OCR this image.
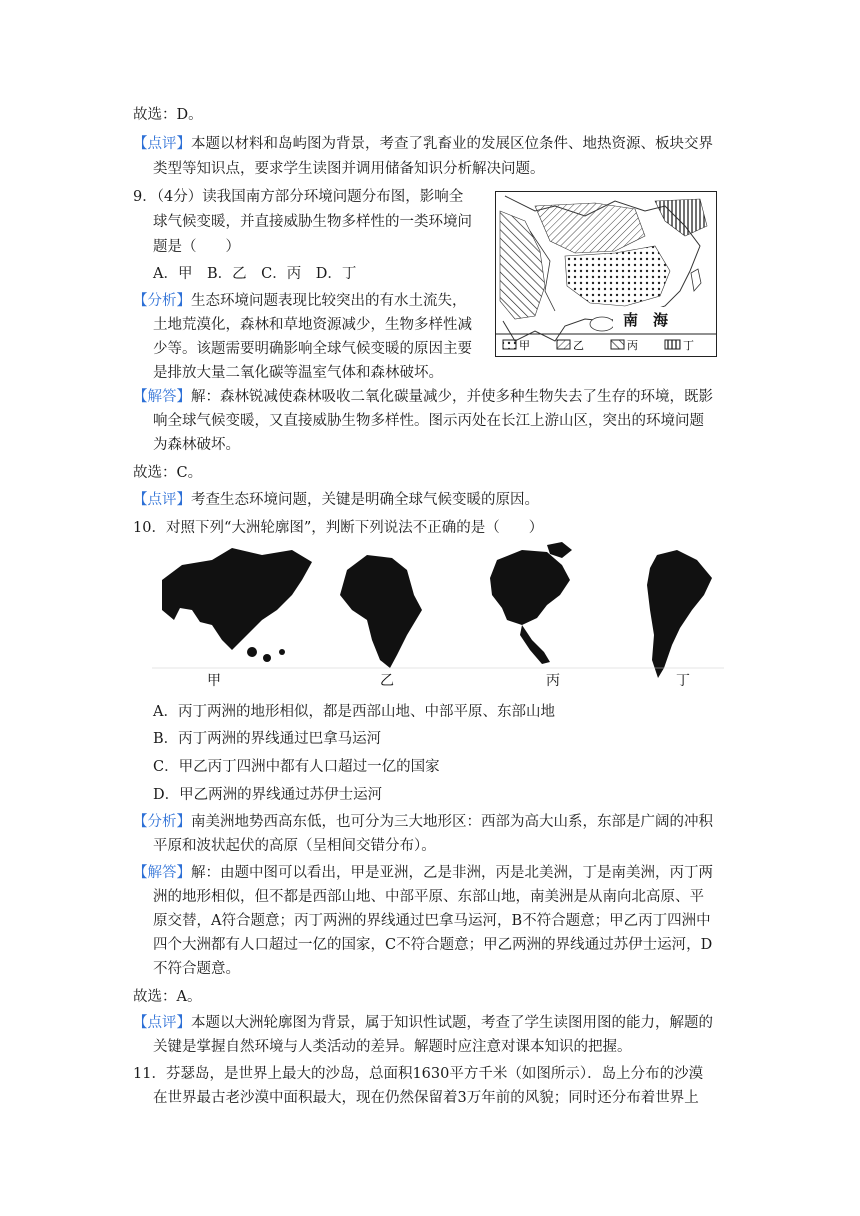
故选：D。
【点评】本题以材料和岛屿图为背景，考查了乳畜业的发展区位条件、地热资源、板块交界
类型等知识点，要求学生读图并调用储备知识分析解决问题。
9．（4分）读我国南方部分环境问题分布图，影响全
球气候变暖，并直接威胁生物多样性的一类环境问
题是（　　）
A．甲　B．乙　C．丙　D．丁
【分析】生态环境问题表现比较突出的有水土流失，
土地荒漠化，森林和草地资源减少，生物多样性减
少等。该题需要明确影响全球气候变暖的原因主要
是排放大量二氧化碳等温室气体和森林破坏。
南　海
甲	乙	丙	丁
【解答】解：森林锐减使森林吸收二氧化碳量减少，并使多种生物失去了生存的环境，既影
响全球气候变暖，又直接威胁生物多样性。图示丙处在长江上游山区，突出的环境问题
为森林破坏。
故选：C。
【点评】考查生态环境问题，关键是明确全球气候变暖的原因。
10．对照下列“大洲轮廓图”，判断下列说法不正确的是（　　）
甲	乙	丙	丁
A．丙丁两洲的地形相似，都是西部山地、中部平原、东部山地
B．丙丁两洲的界线通过巴拿马运河
C．甲乙丙丁四洲中都有人口超过一亿的国家
D．甲乙两洲的界线通过苏伊士运河
【分析】南美洲地势西高东低，也可分为三大地形区：西部为高大山系，东部是广阔的冲积
平原和波状起伏的高原（呈相间交错分布）。
【解答】解：由题中图可以看出，甲是亚洲，乙是非洲，丙是北美洲，丁是南美洲，丙丁两
洲的地形相似，但不都是西部山地、中部平原、东部山地，南美洲是从南向北高原、平
原交替，A符合题意；丙丁两洲的界线通过巴拿马运河，B不符合题意；甲乙丙丁四洲中
四个大洲都有人口超过一亿的国家，C不符合题意；甲乙两洲的界线通过苏伊士运河，D
不符合题意。
故选：A。
【点评】本题以大洲轮廓图为背景，属于知识性试题，考查了学生读图用图的能力，解题的
关键是掌握自然环境与人类活动的差异。解题时应注意对课本知识的把握。
11．芬瑟岛，是世界上最大的沙岛，总面积1630平方千米（如图所示）．岛上分布的沙漠
在世界最古老沙漠中面积最大，现在仍然保留着3万年前的风貌；同时还分布着世界上
